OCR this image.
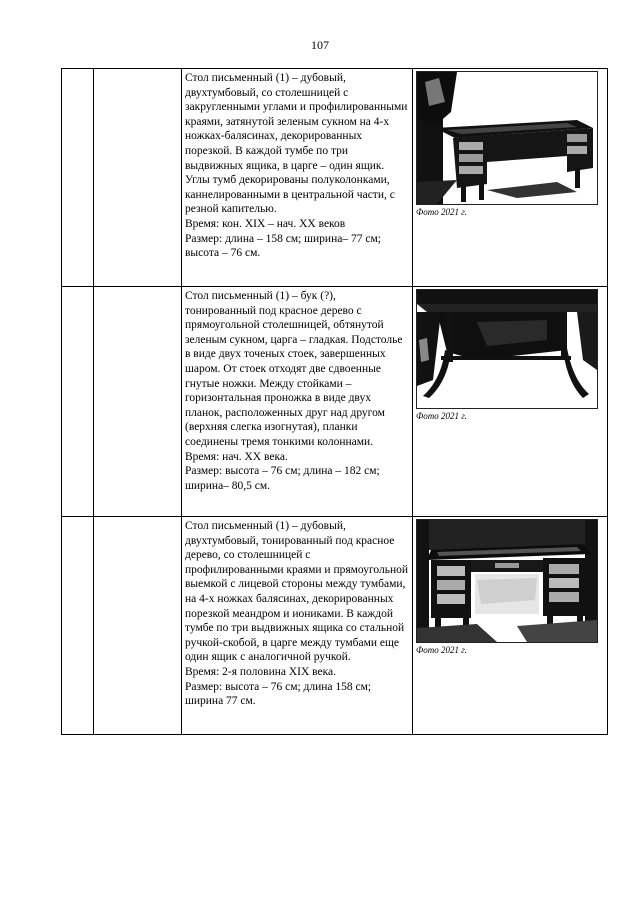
107

		Стол письменный (1) – дубовый, двухтумбовый, со столешницей с закругленными углами и профилированными краями, затянутой зеленым сукном на 4-х ножках-балясинах, декорированных порезкой. В каждой тумбе по три выдвижных ящика, в царге – один ящик. Углы тумб декорированы полуколонками, каннелированными в центральной части, с резной капителью.

Время: кон. XIX – нач. XX веков

Размер: длина – 158 см; ширина– 77 см; высота – 76 см.	Фото 2021 г.

		Стол письменный (1) – бук (?), тонированный под красное дерево с прямоугольной столешницей, обтянутой зеленым сукном, царга – гладкая. Подстолье в виде двух точеных стоек, завершенных шаром. От стоек отходят две сдвоенные гнутые ножки. Между стойками – горизонтальная проножка в виде двух планок, расположенных друг над другом (верхняя слегка изогнутая), планки соединены тремя тонкими колоннами.

Время: нач. XX века.

Размер: высота – 76 см; длина – 182 см; ширина– 80,5 см.	Фото 2021 г.

		Стол письменный (1) – дубовый, двухтумбовый, тонированный под красное дерево, со столешницей с профилированными краями и прямоугольной выемкой с лицевой стороны между тумбами, на 4-х ножках балясинах, декорированных порезкой меандром и иониками. В каждой тумбе по три выдвижных ящика со стальной ручкой-скобой, в царге между тумбами еще один ящик с аналогичной ручкой.

Время: 2-я половина XIX века.

Размер: высота – 76 см; длина 158 см; ширина 77 см.	Фото 2021 г.
